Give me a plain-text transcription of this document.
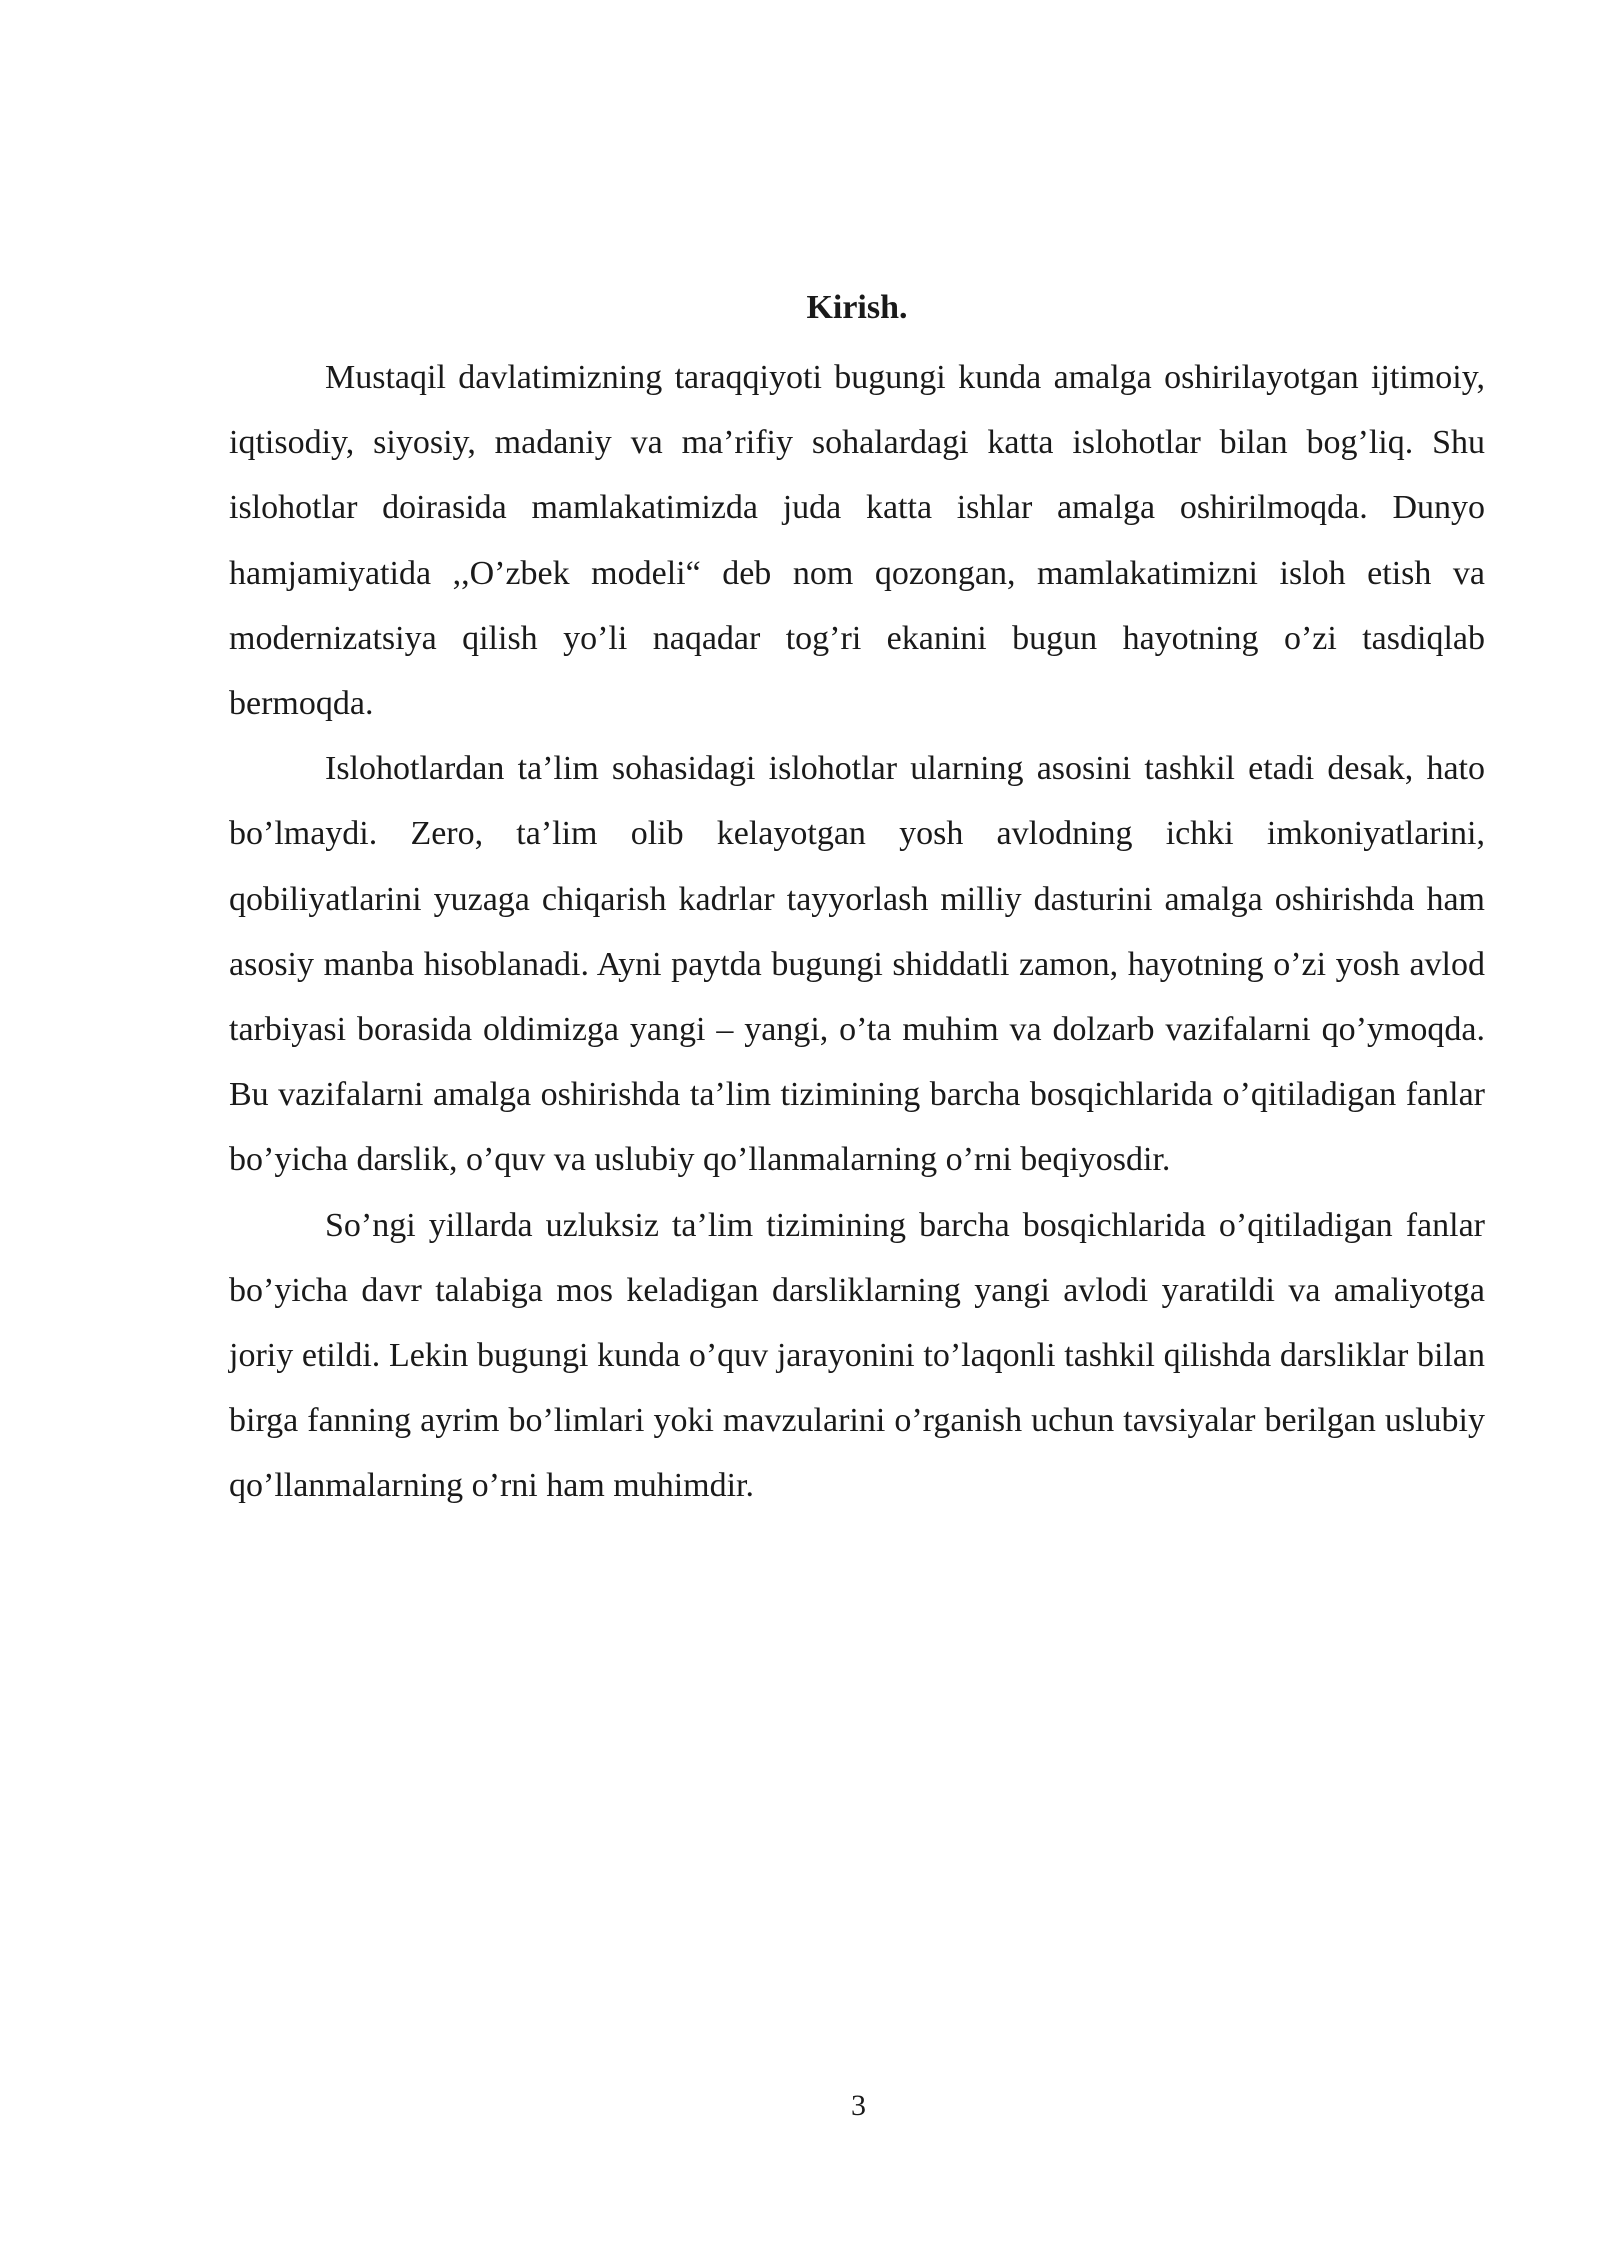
Kirish.

Mustaqil davlatimizning taraqqiyoti bugungi kunda amalga oshirilayotgan ijtimoiy, iqtisodiy, siyosiy, madaniy va ma’rifiy sohalardagi katta islohotlar bilan bog’liq. Shu islohotlar doirasida mamlakatimizda juda katta ishlar amalga oshirilmoqda. Dunyo hamjamiyatida ,,O’zbek modeli“ deb nom qozongan, mamlakatimizni isloh etish va modernizatsiya qilish yo’li naqadar tog’ri ekanini bugun hayotning o’zi tasdiqlab bermoqda.

Islohotlardan ta’lim sohasidagi islohotlar ularning asosini tashkil etadi desak, hato bo’lmaydi. Zero, ta’lim olib kelayotgan yosh avlodning ichki imkoniyatlarini, qobiliyatlarini yuzaga chiqarish kadrlar tayyorlash milliy dasturini amalga oshirishda ham asosiy manba hisoblanadi. Ayni paytda bugungi shiddatli zamon, hayotning o’zi yosh avlod tarbiyasi borasida oldimizga yangi – yangi, o’ta muhim va dolzarb vazifalarni qo’ymoqda. Bu vazifalarni amalga oshirishda ta’lim tizimining barcha bosqichlarida o’qitiladigan fanlar bo’yicha darslik, o’quv va uslubiy qo’llanmalarning o’rni beqiyosdir.

So’ngi yillarda uzluksiz ta’lim tizimining barcha bosqichlarida o’qitiladigan fanlar bo’yicha davr talabiga mos keladigan darsliklarning yangi avlodi yaratildi va amaliyotga joriy etildi. Lekin bugungi kunda o’quv jarayonini to’laqonli tashkil qilishda darsliklar bilan birga fanning ayrim bo’limlari yoki mavzularini o’rganish uchun tavsiyalar berilgan uslubiy qo’llanmalarning o’rni ham muhimdir.

3
